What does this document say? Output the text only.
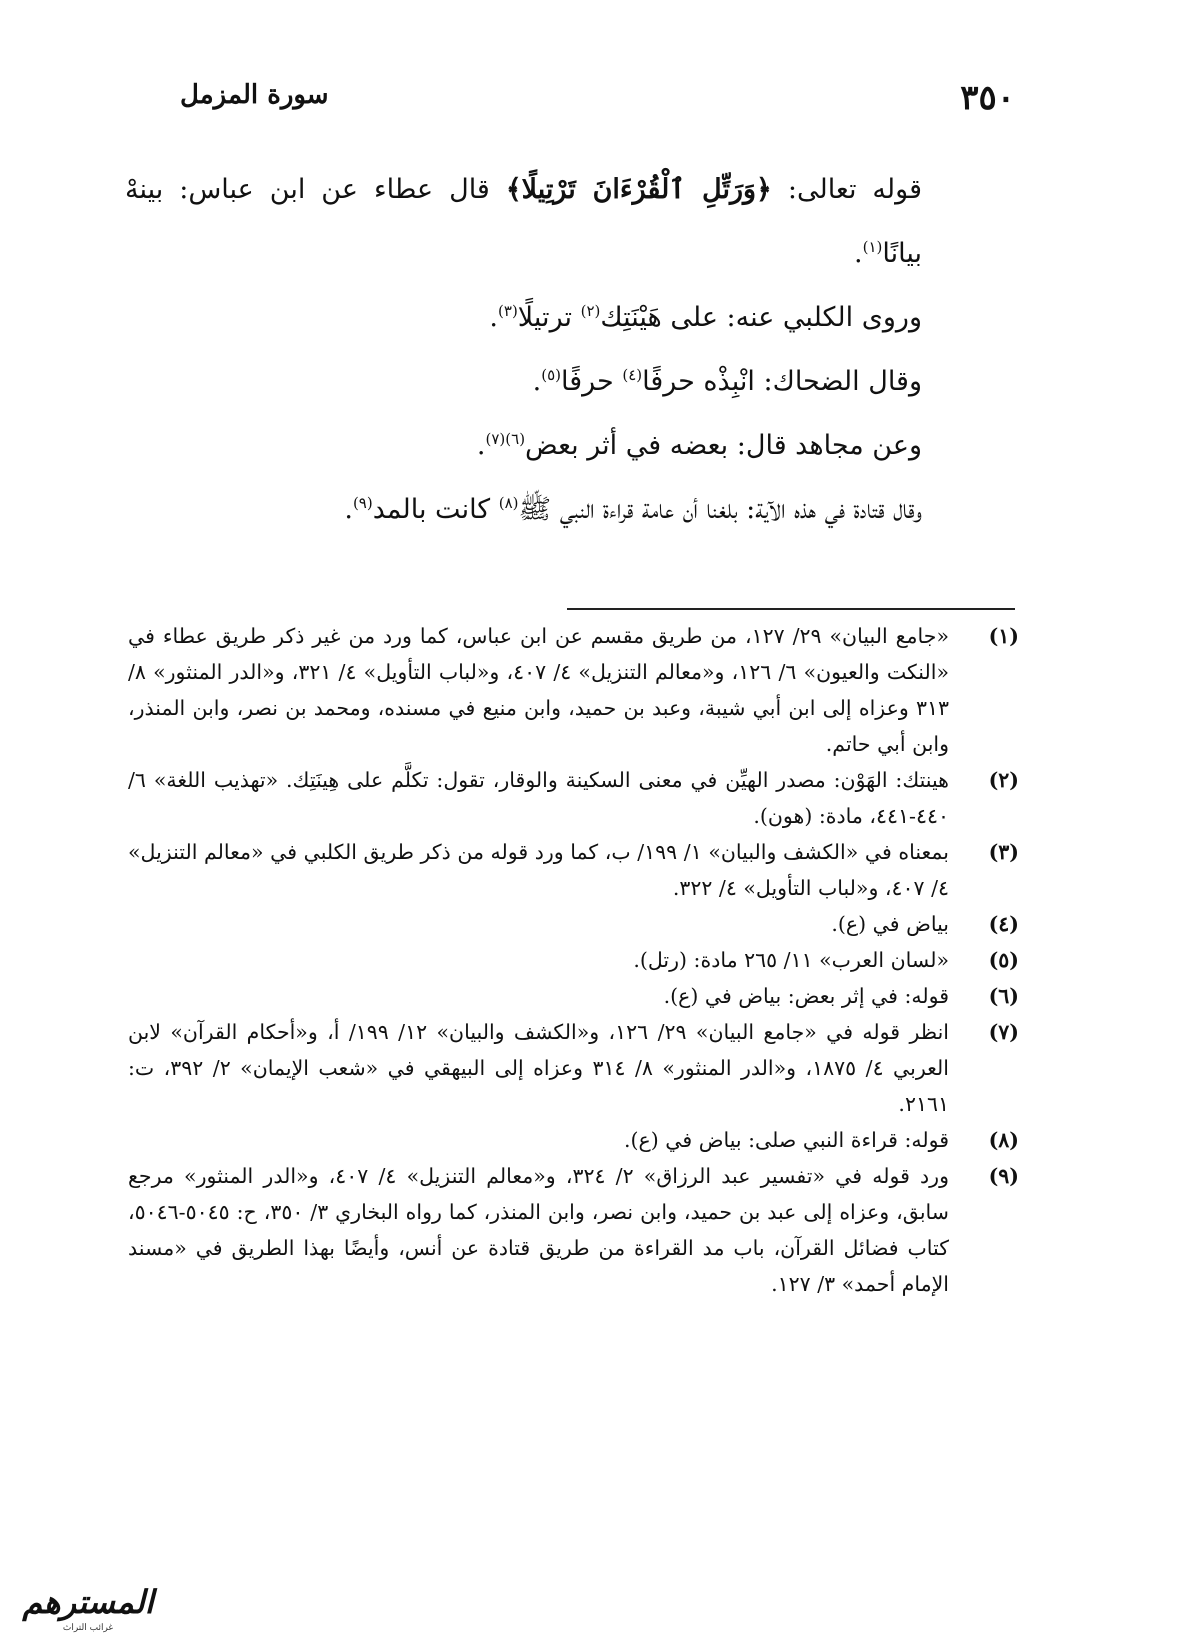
٣٥٠
سورة المزمل

قوله تعالى: ﴿وَرَتِّلِ ٱلْقُرْءَانَ تَرْتِيلًا﴾ قال عطاء عن ابن عباس: بينهْ بيانًا$^{(١)}$.

وروى الكلبي عنه: على هَيْنَتِك$^{(٢)}$ ترتيلًا$^{(٣)}$.

وقال الضحاك: انْبِذْه حرفًا$^{(٤)}$ حرفًا$^{(٥)}$.

وعن مجاهد قال: بعضه في أثر بعض$^{(٦)(٧)}$.

وقال قتادة في هذه الآية: بلغنا أن عامة قراءة النبي ﷺ$^{(٨)}$ كانت بالمد$^{(٩)}$.

(١)
«جامع البيان» ٢٩/ ١٢٧، من طريق مقسم عن ابن عباس، كما ورد من غير ذكر طريق عطاء في «النكت والعيون» ٦/ ١٢٦، و«معالم التنزيل» ٤/ ٤٠٧، و«لباب التأويل» ٤/ ٣٢١، و«الدر المنثور» ٨/ ٣١٣ وعزاه إلى ابن أبي شيبة، وعبد بن حميد، وابن منيع في مسنده، ومحمد بن نصر، وابن المنذر، وابن أبي حاتم.
(٢)
هينتك: الهَوْن: مصدر الهيِّن في معنى السكينة والوقار، تقول: تكلَّم على هِينَتِك. «تهذيب اللغة» ٦/ ٤٤٠-٤٤١، مادة: (هون).
(٣)
بمعناه في «الكشف والبيان» ١/ ١٩٩/ ب، كما ورد قوله من ذكر طريق الكلبي في «معالم التنزيل» ٤/ ٤٠٧، و«لباب التأويل» ٤/ ٣٢٢.
(٤)
بياض في (ع).
(٥)
«لسان العرب» ١١/ ٢٦٥ مادة: (رتل).
(٦)
قوله: في إثر بعض: بياض في (ع).
(٧)
انظر قوله في «جامع البيان» ٢٩/ ١٢٦، و«الكشف والبيان» ١٢/ ١٩٩/ أ، و«أحكام القرآن» لابن العربي ٤/ ١٨٧٥، و«الدر المنثور» ٨/ ٣١٤ وعزاه إلى البيهقي في «شعب الإيمان» ٢/ ٣٩٢، ت: ٢١٦١.
(٨)
قوله: قراءة النبي صلى: بياض في (ع).
(٩)
ورد قوله في «تفسير عبد الرزاق» ٢/ ٣٢٤، و«معالم التنزيل» ٤/ ٤٠٧، و«الدر المنثور» مرجع سابق، وعزاه إلى عبد بن حميد، وابن نصر، وابن المنذر، كما رواه البخاري ٣/ ٣٥٠، ح: ٥٠٤٥-٥٠٤٦، كتاب فضائل القرآن، باب مد القراءة من طريق قتادة عن أنس، وأيضًا بهذا الطريق في «مسند الإمام أحمد» ٣/ ١٢٧.
المسترهم
غرائب التراث
